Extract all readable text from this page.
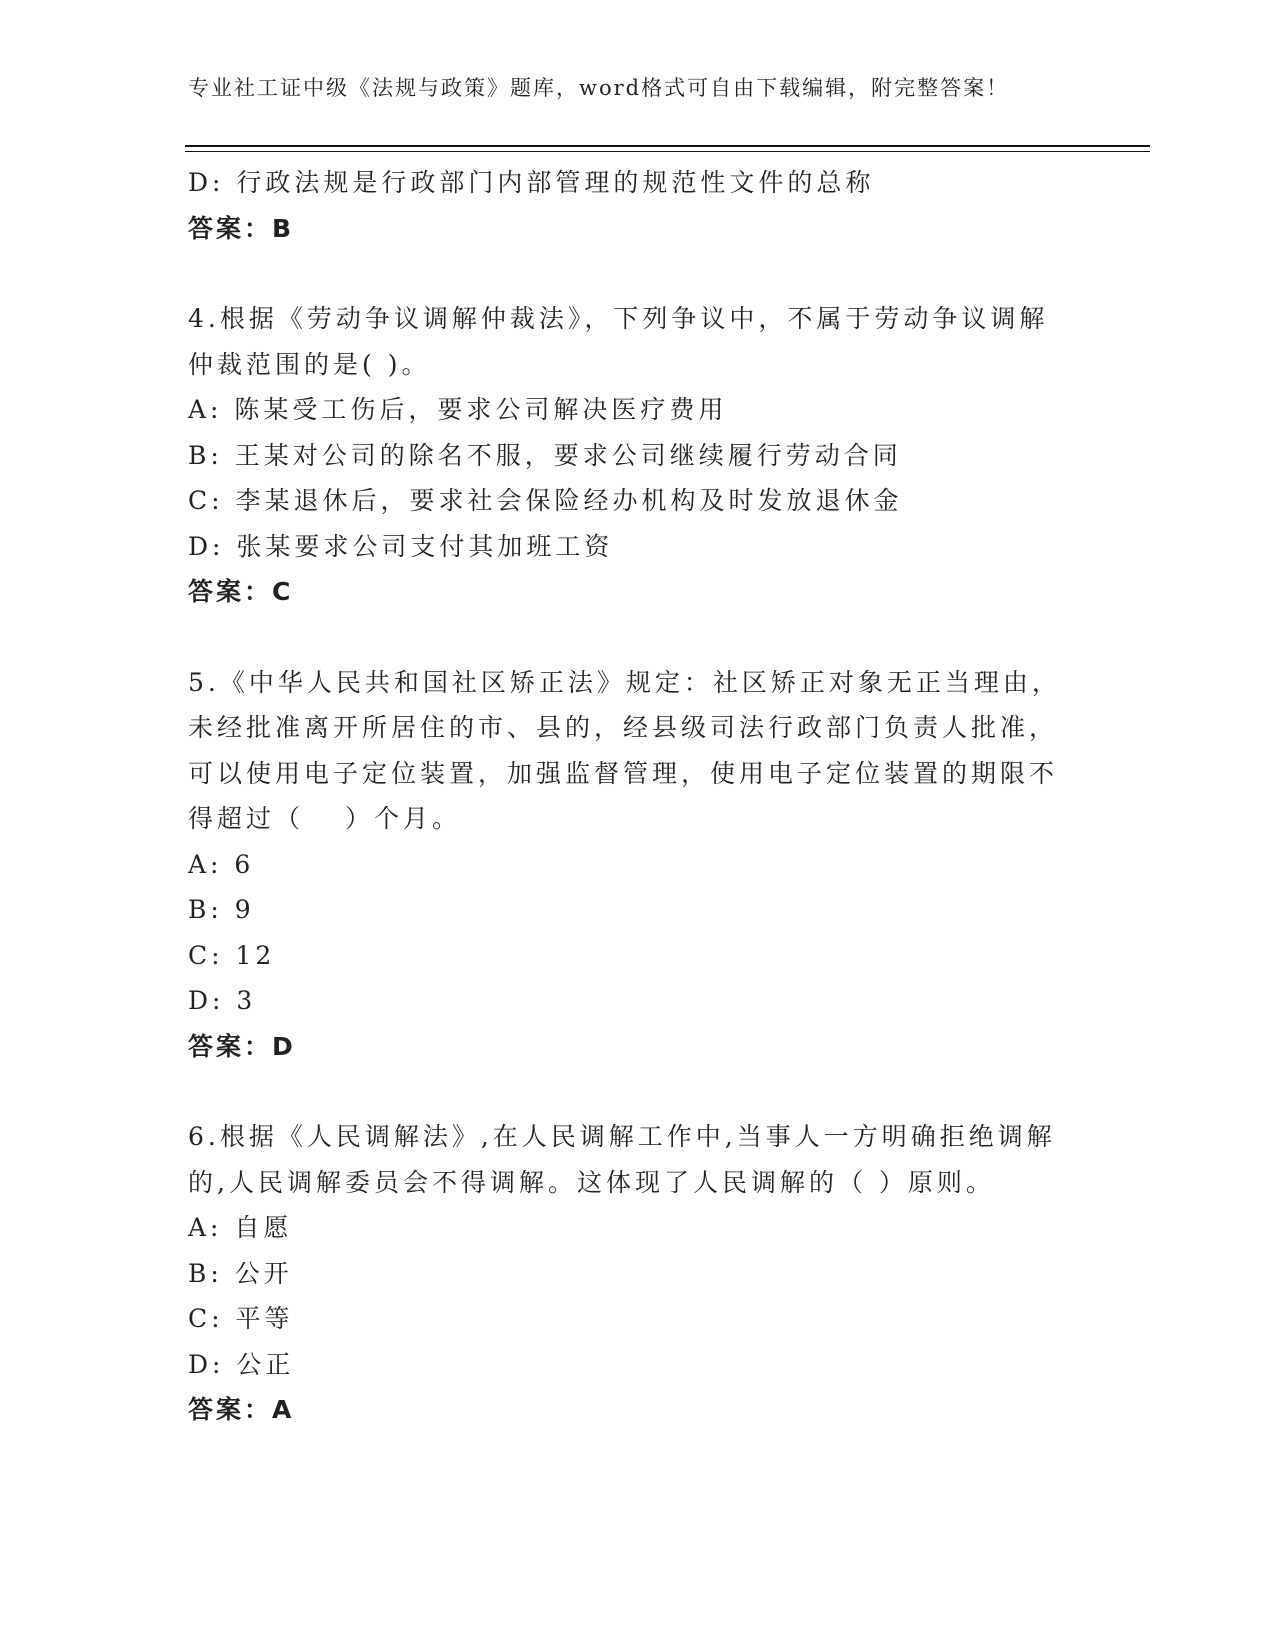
专业社工证中级《法规与政策》题库，word格式可自由下载编辑，附完整答案！
D: 行政法规是行政部门内部管理的规范性文件的总称
答案：B
4.根据《劳动争议调解仲裁法》，下列争议中，不属于劳动争议调解
仲裁范围的是( )。
A: 陈某受工伤后，要求公司解决医疗费用
B: 王某对公司的除名不服，要求公司继续履行劳动合同
C: 李某退休后，要求社会保险经办机构及时发放退休金
D: 张某要求公司支付其加班工资
答案：C
5.《中华人民共和国社区矫正法》规定：社区矫正对象无正当理由，
未经批准离开所居住的市、县的，经县级司法行政部门负责人批准，
可以使用电子定位装置，加强监督管理，使用电子定位装置的期限不
得超过（　 ）个月。
A: 6
B: 9
C: 12
D: 3
答案：D
6.根据《人民调解法》,在人民调解工作中,当事人一方明确拒绝调解
的,人民调解委员会不得调解。这体现了人民调解的（ ）原则。
A: 自愿
B: 公开
C: 平等
D: 公正
答案：A
